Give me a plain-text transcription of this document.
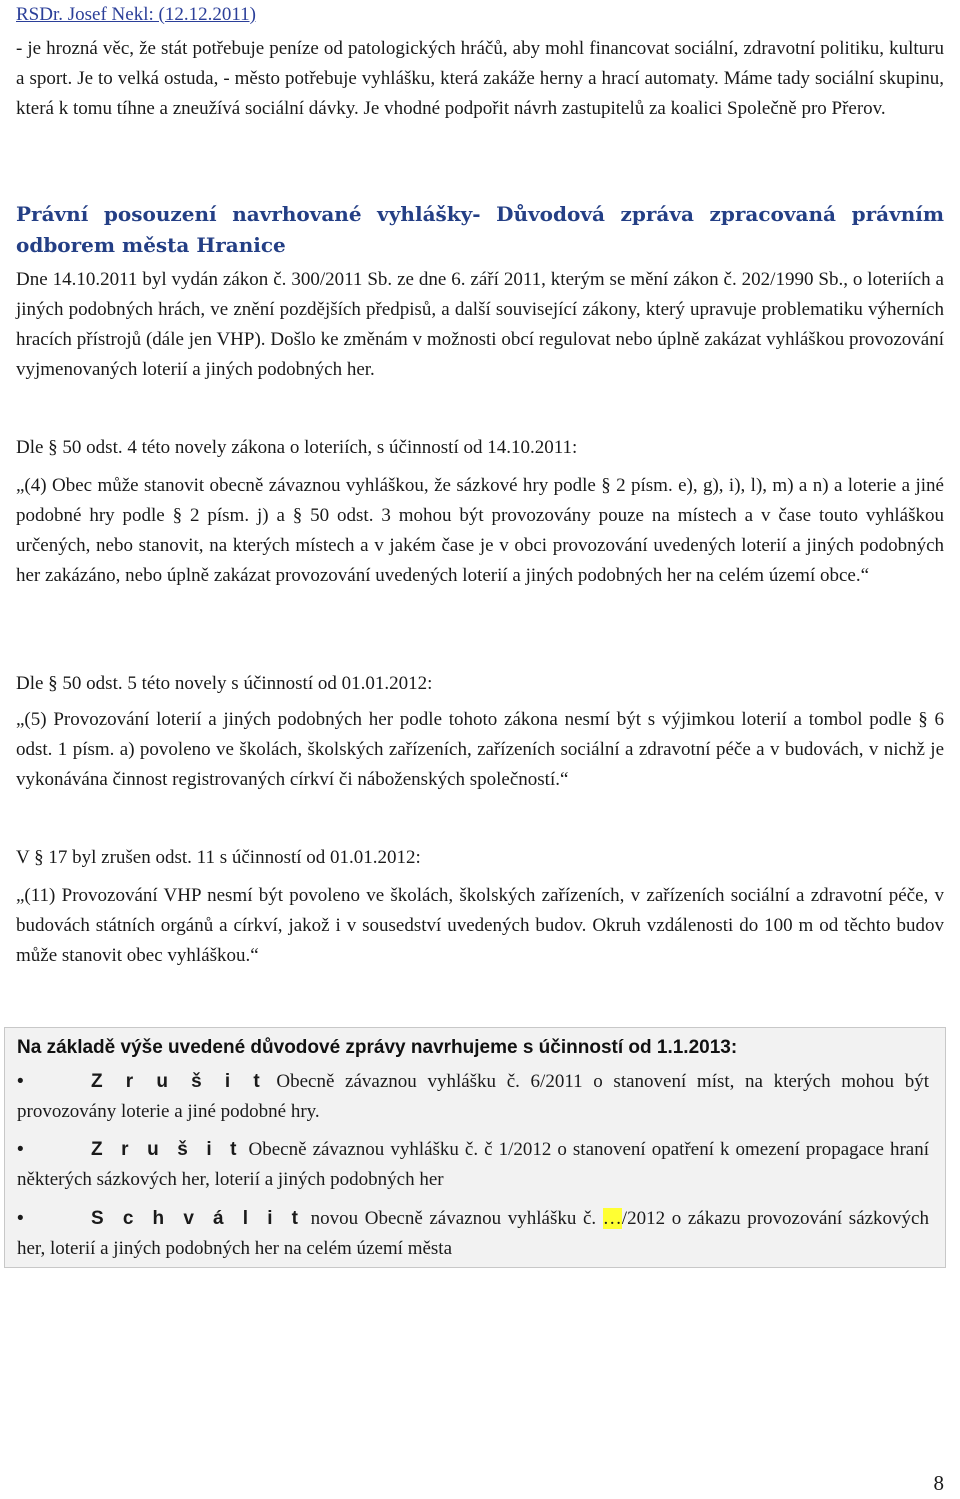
RSDr. Josef Nekl: (12.12.2011)

- je hrozná věc, že stát potřebuje peníze od patologických hráčů, aby mohl financovat sociální, zdravotní politiku, kulturu a sport. Je to velká ostuda, - město potřebuje vyhlášku, která zakáže herny a hrací automaty. Máme tady sociální skupinu, která k tomu tíhne a zneužívá sociální dávky. Je vhodné podpořit návrh zastupitelů za koalici Společně pro Přerov.

Právní posouzení navrhované vyhlášky- Důvodová zpráva zpracovaná právním odborem města Hranice

Dne 14.10.2011 byl vydán zákon č. 300/2011 Sb. ze dne 6. září 2011, kterým se mění zákon č. 202/1990 Sb., o loteriích a jiných podobných hrách, ve znění pozdějších předpisů, a další související zákony, který upravuje problematiku výherních hracích přístrojů (dále jen VHP). Došlo ke změnám v možnosti obcí regulovat nebo úplně zakázat vyhláškou provozování vyjmenovaných loterií a jiných podobných her.

Dle § 50 odst. 4 této novely zákona o loteriích, s účinností od 14.10.2011:

„(4) Obec může stanovit obecně závaznou vyhláškou, že sázkové hry podle § 2 písm. e), g), i), l), m) a n) a loterie a jiné podobné hry podle § 2 písm. j) a § 50 odst. 3 mohou být provozovány pouze na místech a v čase touto vyhláškou určených, nebo stanovit, na kterých místech a v jakém čase je v obci provozování uvedených loterií a jiných podobných her zakázáno, nebo úplně zakázat provozování uvedených loterií a jiných podobných her na celém území obce.“

Dle § 50 odst. 5 této novely s účinností od 01.01.2012:

„(5) Provozování loterií a jiných podobných her podle tohoto zákona nesmí být s výjimkou loterií a tombol podle § 6 odst. 1 písm. a) povoleno ve školách, školských zařízeních, zařízeních sociální a zdravotní péče a v budovách, v nichž je vykonávána činnost registrovaných církví či náboženských společností.“

V § 17 byl zrušen odst. 11 s účinností od 01.01.2012:

„(11) Provozování VHP nesmí být povoleno ve školách, školských zařízeních, v zařízeních sociální a zdravotní péče, v budovách státních orgánů a církví, jakož i v sousedství uvedených budov. Okruh vzdálenosti do 100 m od těchto budov může stanovit obec vyhláškou.“

Na základě výše uvedené důvodové zprávy navrhujeme s účinností od 1.1.2013:
•	Z r u š i t Obecně závaznou vyhlášku č. 6/2011 o stanovení míst, na kterých mohou být provozovány loterie a jiné podobné hry.
•	Z r u š i t Obecně závaznou vyhlášku č. č 1/2012 o stanovení opatření k omezení propagace hraní některých sázkových her, loterií a jiných podobných her
•	S c h v á l i t novou Obecně závaznou vyhlášku č. …/2012 o zákazu provozování sázkových her, loterií a jiných podobných her na celém území města
8
